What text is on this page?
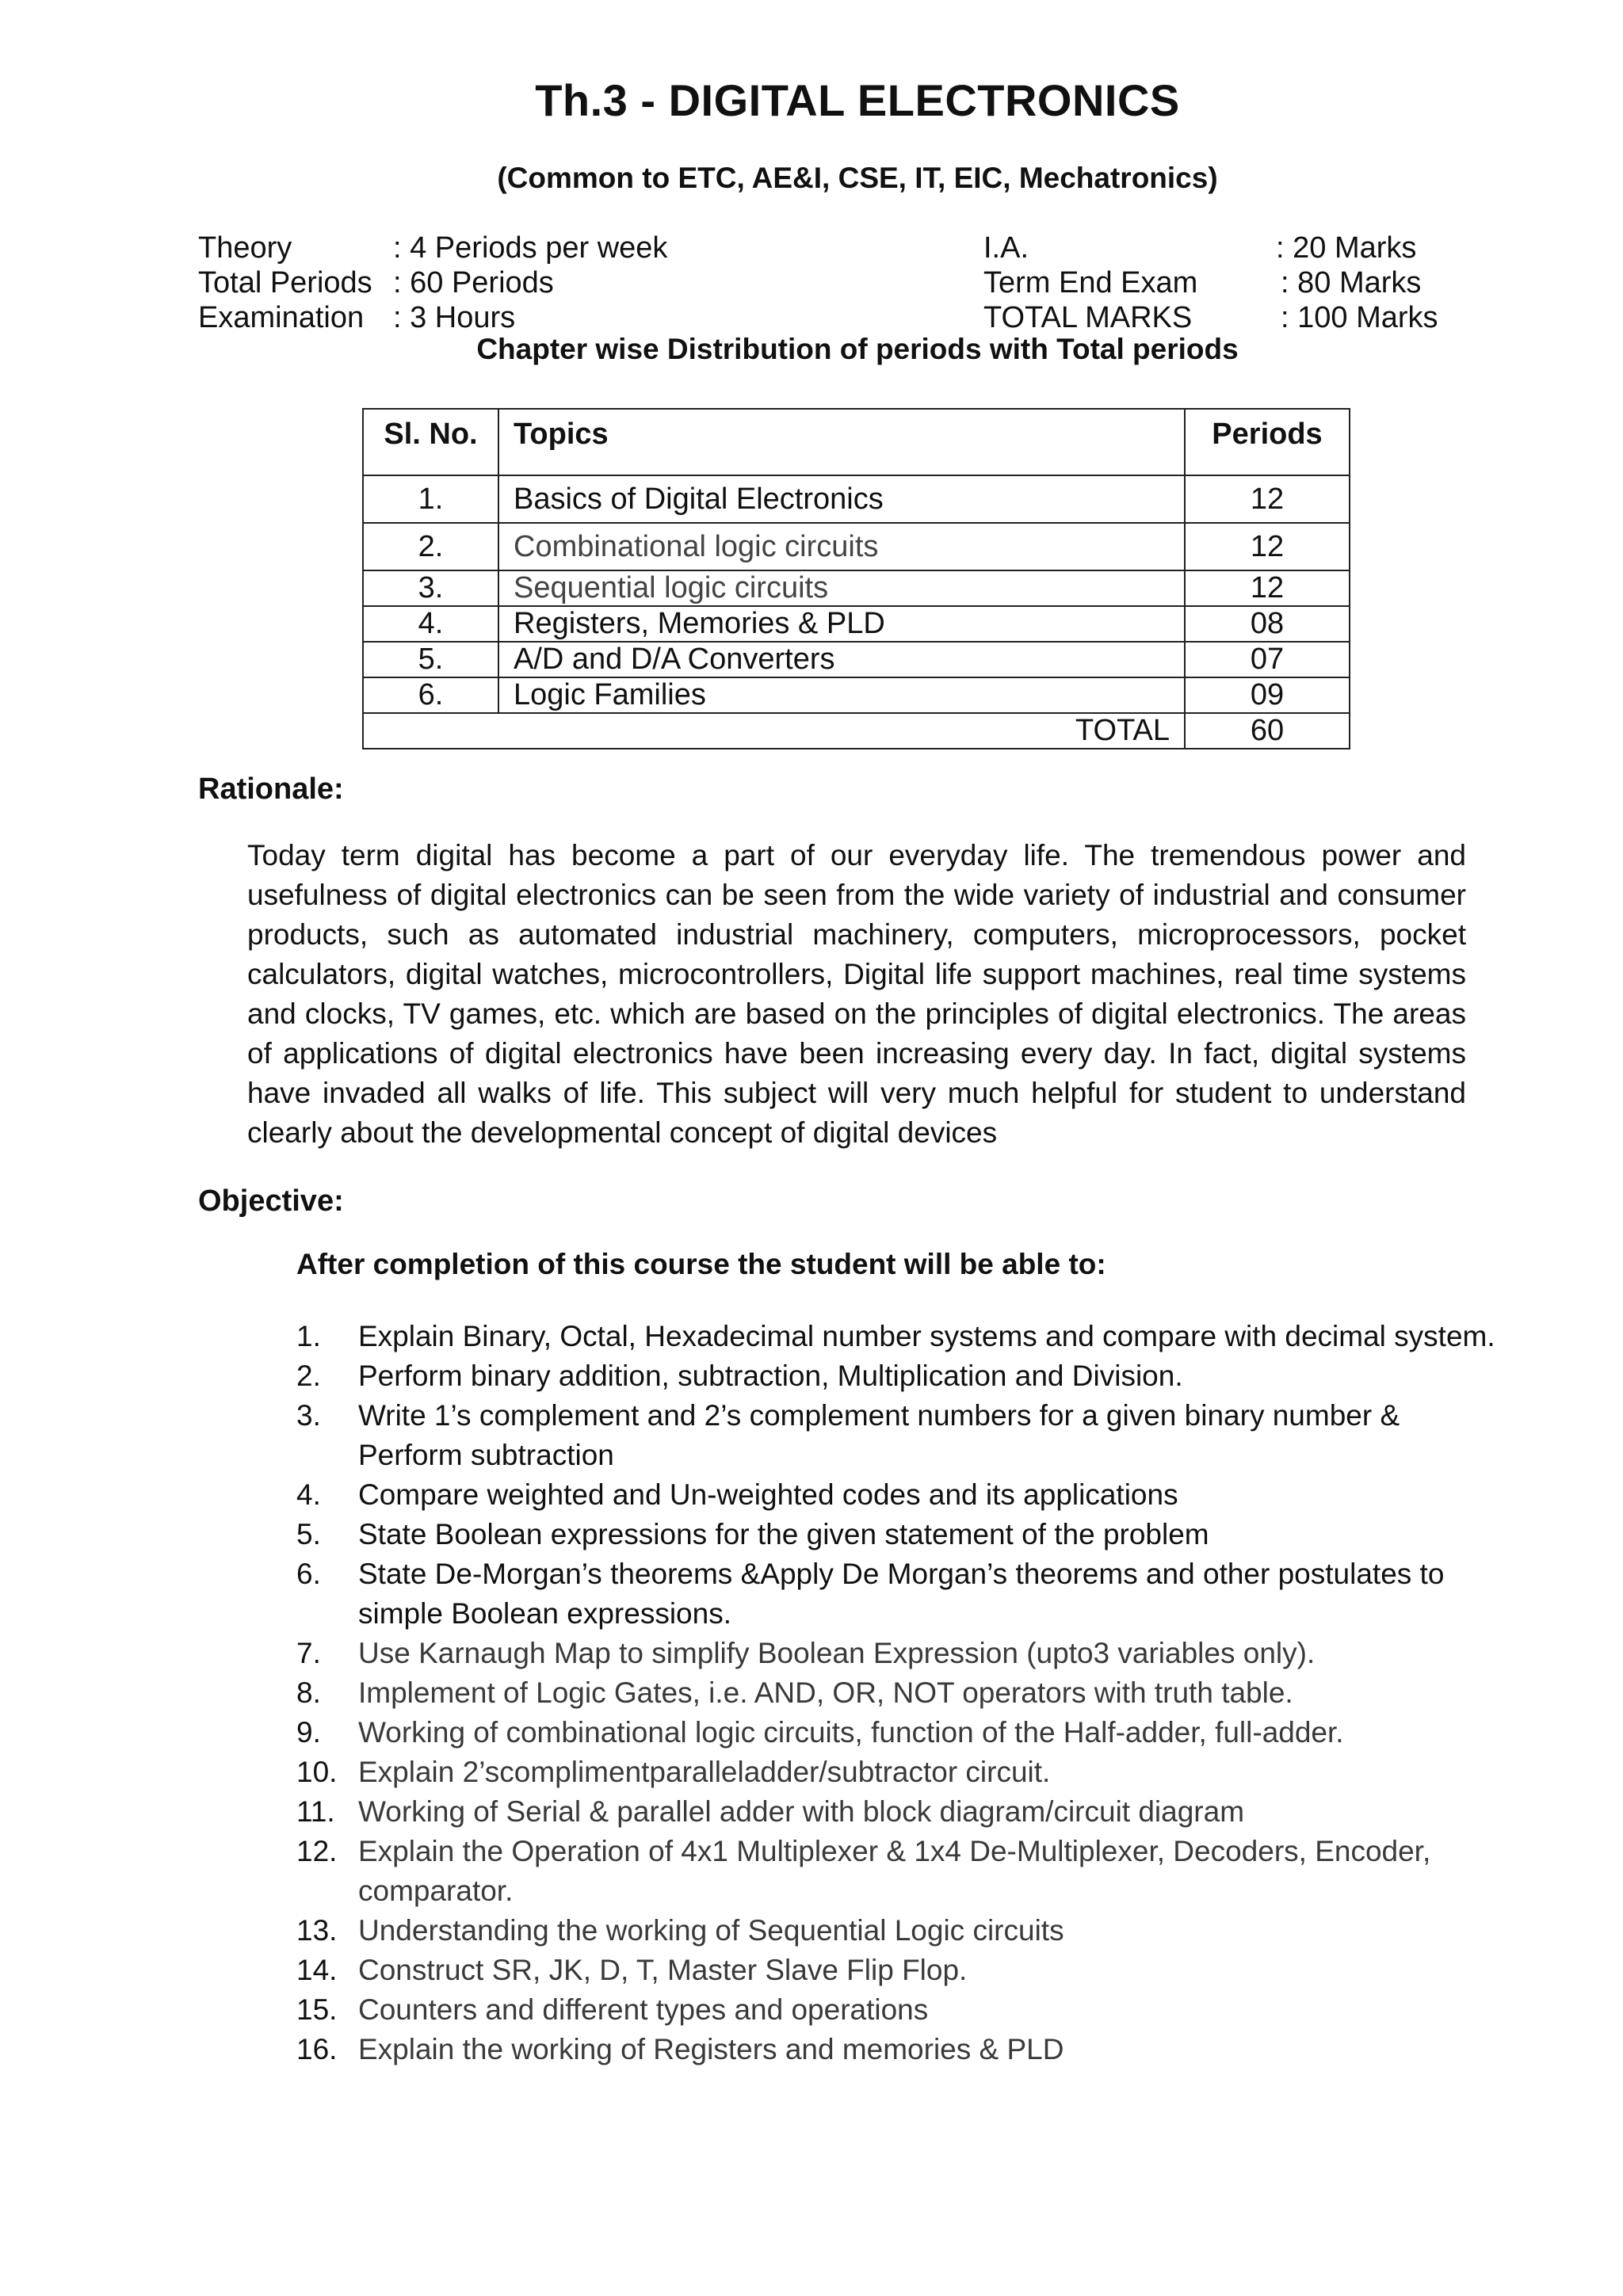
Th.3 - DIGITAL ELECTRONICS
(Common to ETC, AE&I, CSE, IT, EIC, Mechatronics)
Theory	: 4 Periods per week	I.A.	: 20 Marks
Total Periods : 60 Periods	Term End Exam	: 80 Marks
Examination : 3 Hours	TOTAL MARKS	: 100 Marks
Chapter wise Distribution of periods with Total periods
Sl. No.	Topics	Periods
1.	Basics of Digital Electronics	12
2.	Combinational logic circuits	12
3.	Sequential logic circuits	12
4.	Registers, Memories & PLD	08
5.	A/D and D/A Converters	07
6.	Logic Families	09
TOTAL		60
Rationale:
Today term digital has become a part of our everyday life. The tremendous power and usefulness of digital electronics can be seen from the wide variety of industrial and consumer products, such as automated industrial machinery, computers, microprocessors, pocket calculators, digital watches, microcontrollers, Digital life support machines, real time systems and clocks, TV games, etc. which are based on the principles of digital electronics. The areas of applications of digital electronics have been increasing every day. In fact, digital systems have invaded all walks of life. This subject will very much helpful for student to understand clearly about the developmental concept of digital devices
Objective:
After completion of this course the student will be able to:
1.	Explain Binary, Octal, Hexadecimal number systems and compare with decimal system.
2.	Perform binary addition, subtraction, Multiplication and Division.
3.	Write 1’s complement and 2’s complement numbers for a given binary number & Perform subtraction
4.	Compare weighted and Un-weighted codes and its applications
5.	State Boolean expressions for the given statement of the problem
6.	State De-Morgan’s theorems &Apply De Morgan’s theorems and other postulates to simple Boolean expressions.
7.	Use Karnaugh Map to simplify Boolean Expression (upto3 variables only).
8.	Implement of Logic Gates, i.e. AND, OR, NOT operators with truth table.
9.	Working of combinational logic circuits, function of the Half-adder, full-adder.
10. Explain 2’scomplimentparalleladder/subtractor circuit.
11. Working of Serial & parallel adder with block diagram/circuit diagram
12. Explain the Operation of 4x1 Multiplexer & 1x4 De-Multiplexer, Decoders, Encoder, comparator.
13. Understanding the working of Sequential Logic circuits
14. Construct SR, JK, D, T, Master Slave Flip Flop.
15. Counters and different types and operations
16. Explain the working of Registers and memories & PLD
